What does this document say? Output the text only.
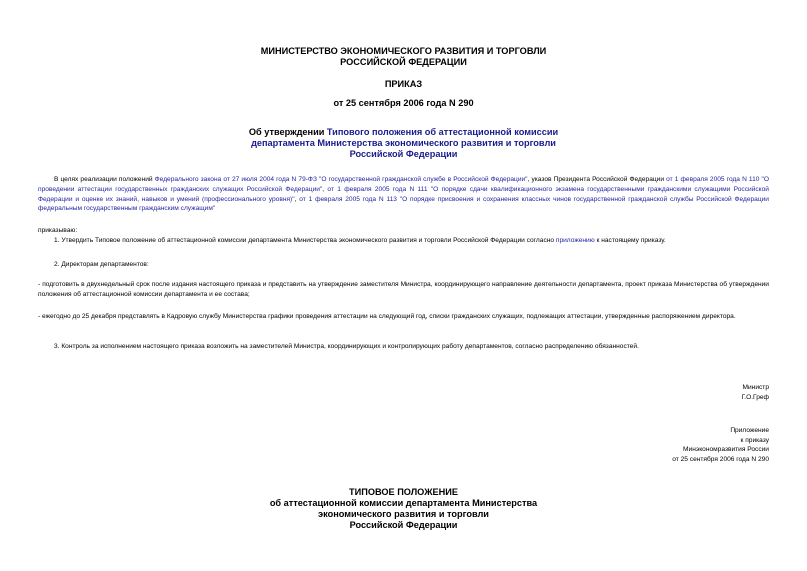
МИНИСТЕРСТВО ЭКОНОМИЧЕСКОГО РАЗВИТИЯ И ТОРГОВЛИ
РОССИЙСКОЙ ФЕДЕРАЦИИ
ПРИКАЗ
от 25 сентября 2006 года N 290
Об утверждении Типового положения об аттестационной комиссии
департамента Министерства экономического развития и торговли
Российской Федерации
В целях реализации положений Федерального закона от 27 июля 2004 года N 79-ФЗ "О государственной гражданской службе в Российской Федерации", указов Президента Российской Федерации от 1 февраля 2005 года N 110 "О проведении аттестации государственных гражданских служащих Российской Федерации", от 1 февраля 2005 года N 111 "О порядке сдачи квалификационного экзамена государственными гражданскими служащими Российской Федерации и оценке их знаний, навыков и умений (профессионального уровня)", от 1 февраля 2005 года N 113 "О порядке присвоения и сохранения классных чинов государственной гражданской службы Российской Федерации федеральным государственным гражданским служащим"
приказываю:
1. Утвердить Типовое положение об аттестационной комиссии департамента Министерства экономического развития и торговли Российской Федерации согласно приложению к настоящему приказу.
2. Директорам департаментов:
- подготовить в двухнедельный срок после издания настоящего приказа и представить на утверждение заместителя Министра, координирующего направление деятельности департамента, проект приказа Министерства об утверждении положения об аттестационной комиссии департамента и ее состава;
- ежегодно до 25 декабря представлять в Кадровую службу Министерства графики проведения аттестации на следующий год, списки гражданских служащих, подлежащих аттестации, утвержденные распоряжением директора.
3. Контроль за исполнением настоящего приказа возложить на заместителей Министра, координирующих и контролирующих работу департаментов, согласно распределению обязанностей.
Министр
Г.О.Греф
Приложение
к приказу
Минэкономразвития России
от 25 сентября 2006 года N 290
ТИПОВОЕ ПОЛОЖЕНИЕ
об аттестационной комиссии департамента Министерства
экономического развития и торговли
Российской Федерации
